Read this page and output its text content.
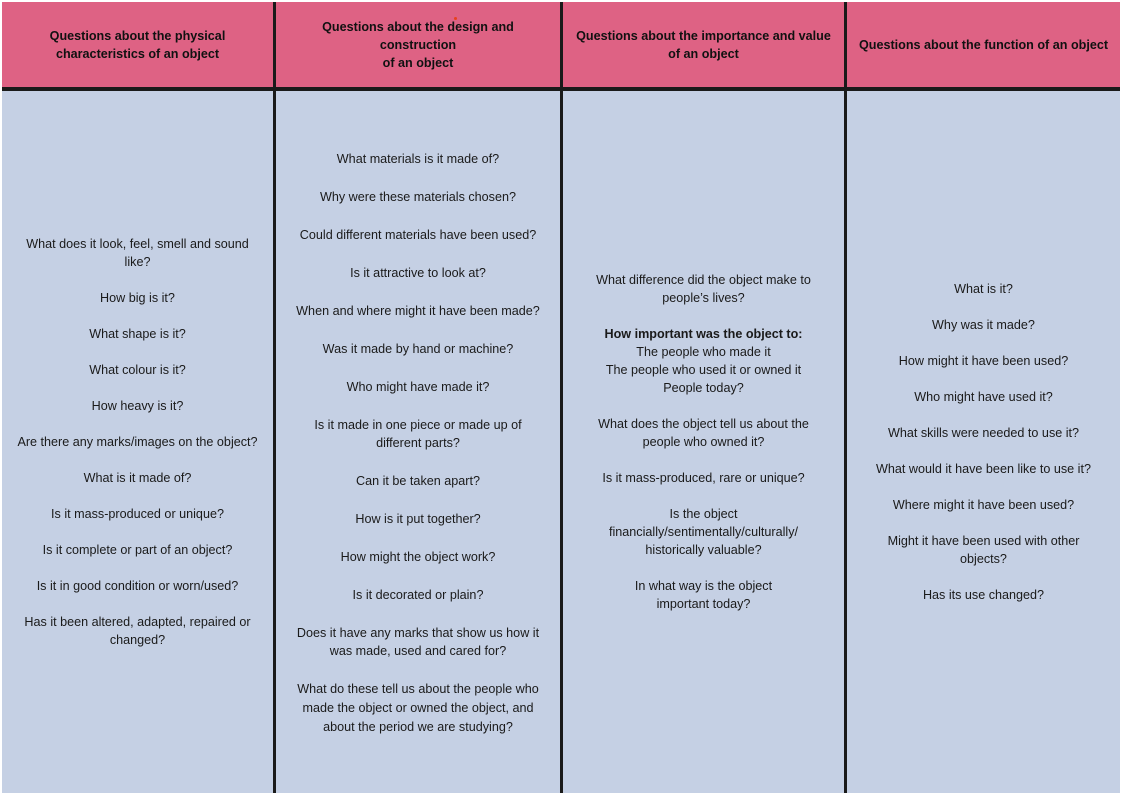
Questions about the physical
characteristics of an object

What does it look, feel, smell and sound
like?

How big is it?

What shape is it?

What colour is it?

How heavy is it?

Are there any marks/images on the object?

What is it made of?

Is it mass-produced or unique?

Is it complete or part of an object?

Is it in good condition or worn/used?

Has it been altered, adapted, repaired or
changed?

Questions about the design and construction
of an object

What materials is it made of?

Why were these materials chosen?

Could different materials have been used?

Is it attractive to look at?

When and where might it have been made?

Was it made by hand or machine?

Who might have made it?

Is it made in one piece or made up of
different parts?

Can it be taken apart?

How is it put together?

How might the object work?

Is it decorated or plain?

Does it have any marks that show us how it
was made, used and cared for?

What do these tell us about the people who
made the object or owned the object, and
about the period we are studying?

Questions about the importance and value
of an object

What difference did the object make to
people’s lives?

How important was the object to:
The people who made it
The people who used it or owned it
People today?

What does the object tell us about the
people who owned it?

Is it mass-produced, rare or unique?

Is the object
financially/sentimentally/culturally/
historically valuable?

In what way is the object
important today?

Questions about the function of an object

What is it?

Why was it made?

How might it have been used?

Who might have used it?

What skills were needed to use it?

What would it have been like to use it?

Where might it have been used?

Might it have been used with other
objects?

Has its use changed?
